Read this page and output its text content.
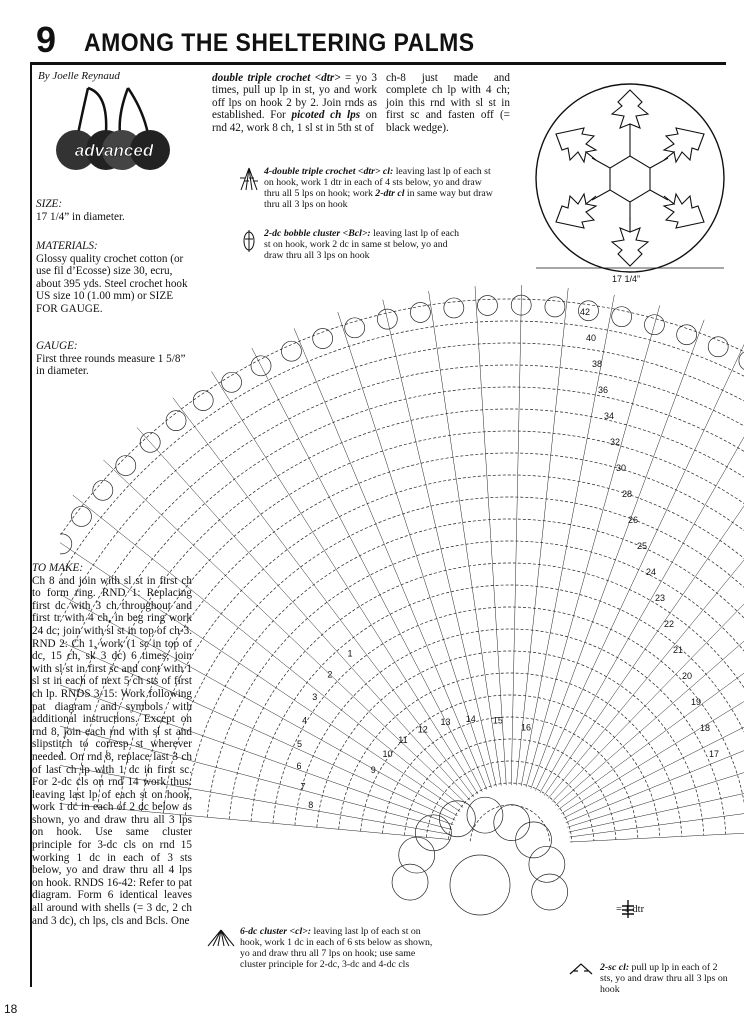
9 AMONG THE SHELTERING PALMS
By Joelle Reynaud
advanced
SIZE:
17 1/4” in diameter.
MATERIALS:
Glossy quality crochet cotton (or use fil d’Ecosse) size 30, ecru, about 395 yds. Steel crochet hook US size 10 (1.00 mm) or SIZE FOR GAUGE.
GAUGE:
First three rounds measure 1 5/8” in diameter.
double triple crochet <dtr> = yo 3 times, pull up lp in st, yo and work off lps on hook 2 by 2. Join rnds as established. For picoted ch lps on rnd 42, work 8 ch, 1 sl st in 5th st of
ch-8 just made and complete ch lp with 4 ch; join this rnd with sl st in first sc and fasten off (= black wedge).
4-double triple crochet <dtr> cl: leaving last lp of each st on hook, work 1 dtr in each of 4 sts below, yo and draw thru all 5 lps on hook; work 2-dtr cl in same way but draw thru all 3 lps on hook
2-dc bobble cluster <Bcl>: leaving last lp of each st on hook, work 2 dc in same st below, yo and draw thru all 3 lps on hook
17 1/4”
42
40
38
36
34
32
30
28
26
25
24
23
22
21
20
19
18
17
8
7
6
5
4
3
2
1
9
10
11
12
13 14 15
16
TO MAKE:
Ch 8 and join with sl st in first ch to form ring. RND 1: Replacing first dc with 3 ch throughout and first tr with 4 ch, in beg ring work 24 dc; join with sl st in top of ch-3. RND 2: Ch 1, work (1 sc in top of dc, 15 ch, sk 3 dc) 6 times; join with sl st in first sc and cont with 1 sl st in each of next 5 ch sts of first ch lp. RNDS 3-15: Work following pat diagram and symbols with additional instructions. Except on rnd 8, join each rnd with sl st and slipstitch to corresp st wherever needed. On rnd 8, replace last 3 ch of last ch lp with 1 dc in first sc. For 2-dc cls on rnd 14 work thus: leaving last lp of each st on hook, work 1 dc in each of 2 dc below as shown, yo and draw thru all 3 lps on hook. Use same cluster principle for 3-dc cls on rnd 15 working 1 dc in each of 3 sts below, yo and draw thru all 4 lps on hook. RNDS 16-42: Refer to pat diagram. Form 6 identical leaves all around with shells (= 3 dc, 2 ch and 3 dc), ch lps, cls and Bcls. One
6-dc cluster <cl>: leaving last lp of each st on hook, work 1 dc in each of 6 sts below as shown, yo and draw thru all 7 lps on hook; use same cluster principle for 2-dc, 3-dc and 4-dc cls
= 1 dtr
2-sc cl: pull up lp in each of 2 sts, yo and draw thru all 3 lps on hook
18
